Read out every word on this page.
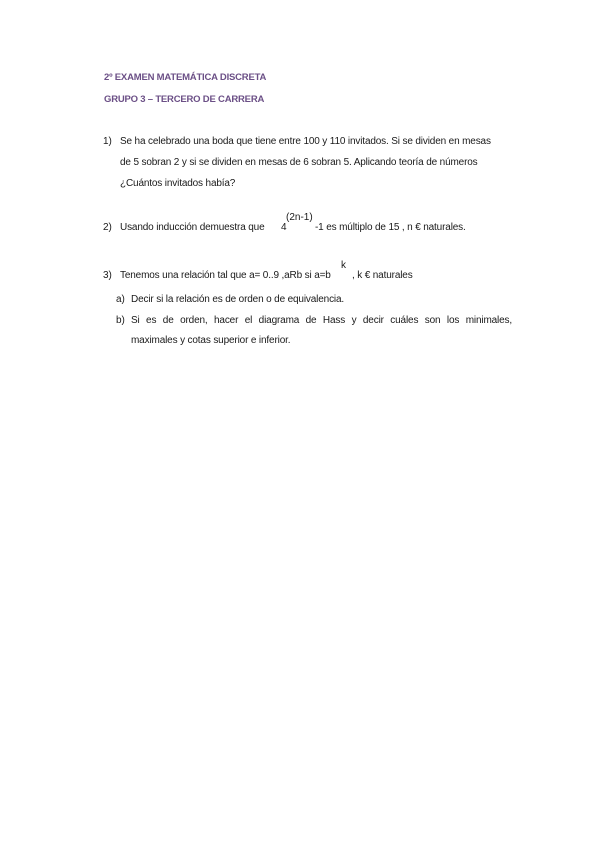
2º EXAMEN MATEMÁTICA DISCRETA
GRUPO 3 – TERCERO DE CARRERA
1) Se ha celebrado una boda que tiene entre 100 y 110 invitados. Si se dividen en mesas
de 5 sobran 2 y si se dividen en mesas de 6 sobran 5. Aplicando teoría de números
¿Cuántos invitados había?
2) Usando inducción demuestra que 4
(2n-1)
-1 es múltiplo de 15 , n € naturales.
3) Tenemos una relación tal que a= 0..9 ,aRb si a=b
k
, k € naturales
a) Decir si la relación es de orden o de equivalencia.
b) Si es de orden, hacer el diagrama de Hass y decir cuáles son los minimales,
maximales y cotas superior e inferior.
